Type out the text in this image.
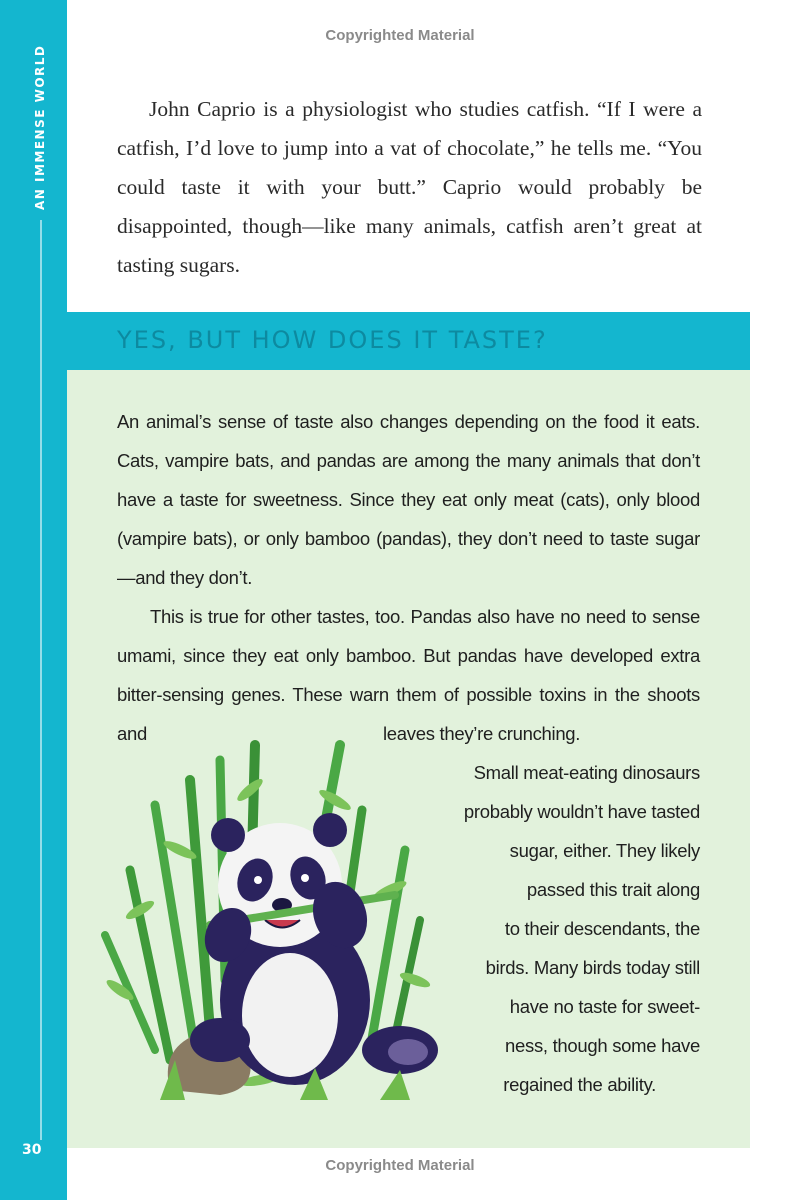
AN IMMENSE WORLD
30
Copyrighted Material

John Caprio is a physiologist who studies catfish. “If I were a catfish, I’d love to jump into a vat of chocolate,” he tells me. “You could taste it with your butt.” Caprio would probably be disappointed, though—like many animals, catfish aren’t great at tasting sugars.

YES, BUT HOW DOES IT TASTE?

An animal’s sense of taste also changes depending on the food it eats. Cats, vampire bats, and pandas are among the many animals that don’t have a taste for sweetness. Since they eat only meat (cats), only blood (vampire bats), or only bamboo (pandas), they don’t need to taste sugar—and they don’t.

This is true for other tastes, too. Pandas also have no need to sense umami, since they eat only bamboo. But pandas have developed extra bitter-sensing genes. These warn them of possible toxins in the shoots and	leaves they’re crunching.

Small meat-eating dinosaurs
probably wouldn’t have tasted
sugar, either. They likely
passed this trait along
to their descendants, the
birds. Many birds today still
have no taste for sweet-
ness, though some have
regained the ability.
Copyrighted Material
